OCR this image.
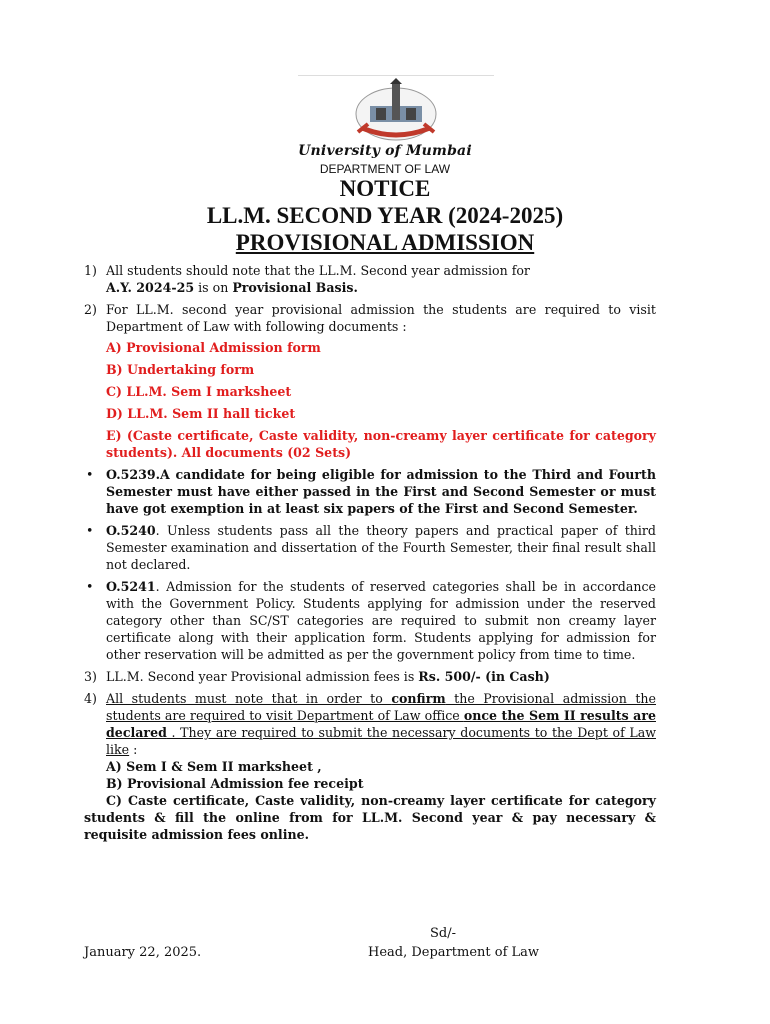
University of Mumbai
DEPARTMENT OF LAW
NOTICE
LL.M. SECOND YEAR (2024-2025)
PROVISIONAL ADMISSION
1) All students should note that the LL.M. Second year admission for
A.Y. 2024-25 is on Provisional Basis.
2) For LL.M. second year provisional admission the students are required to visit Department of Law with following documents :

A) Provisional Admission form

B) Undertaking form

C) LL.M. Sem I marksheet

D) LL.M. Sem II hall ticket

E) (Caste certificate, Caste validity, non-creamy layer certificate for category students). All documents (02 Sets)

• O.5239.A candidate for being eligible for admission to the Third and Fourth Semester must have either passed in the First and Second Semester or must have got exemption in at least six papers of the First and Second Semester.
• O.5240. Unless students pass all the theory papers and practical paper of third Semester examination and dissertation of the Fourth Semester, their final result shall not declared.
• O.5241. Admission for the students of reserved categories shall be in accordance with the Government Policy. Students applying for admission under the reserved category other than SC/ST categories are required to submit non creamy layer certificate along with their application form. Students applying for admission for other reservation will be admitted as per the government policy from time to time.
3) LL.M. Second year Provisional admission fees is Rs. 500/- (in Cash)
4) All students must note that in order to confirm the Provisional admission the students are required to visit Department of Law office once the Sem II results are declared . They are required to submit the necessary documents to the Dept of Law like :

A) Sem I & Sem II marksheet ,

B) Provisional Admission fee receipt

C) Caste certificate, Caste validity, non-creamy layer certificate for category students & fill the online from for LL.M. Second year & pay necessary & requisite admission fees online.

Sd/-
January 22, 2025.	Head, Department of Law
